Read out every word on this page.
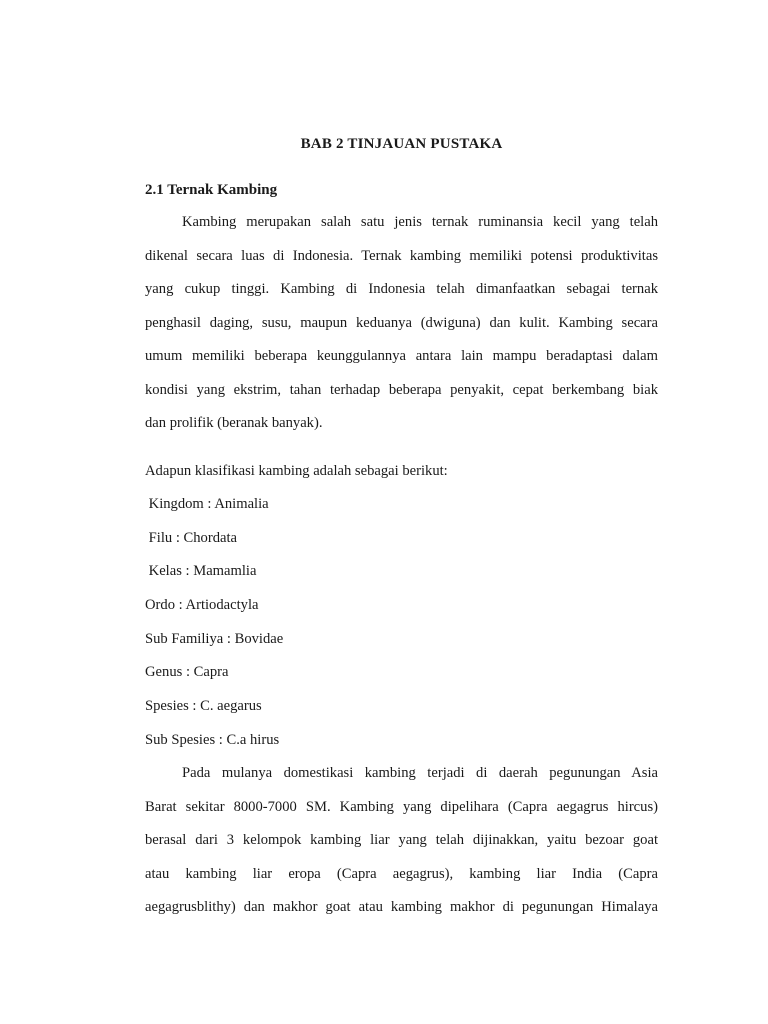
BAB 2 TINJAUAN PUSTAKA
2.1 Ternak Kambing
Kambing merupakan salah satu jenis ternak ruminansia kecil yang telah
dikenal secara luas di Indonesia. Ternak kambing memiliki potensi produktivitas
yang cukup tinggi. Kambing di Indonesia telah dimanfaatkan sebagai ternak
penghasil daging, susu, maupun keduanya (dwiguna) dan kulit. Kambing secara
umum memiliki beberapa keunggulannya antara lain mampu beradaptasi dalam
kondisi yang ekstrim, tahan terhadap beberapa penyakit, cepat berkembang biak
dan prolifik (beranak banyak).
Adapun klasifikasi kambing adalah sebagai berikut:
Kingdom : Animalia
Filu : Chordata
Kelas : Mamamlia
Ordo : Artiodactyla
Sub Familiya : Bovidae
Genus : Capra
Spesies : C. aegarus
Sub Spesies : C.a hirus
Pada mulanya domestikasi kambing terjadi di daerah pegunungan Asia
Barat sekitar 8000-7000 SM. Kambing yang dipelihara (Capra aegagrus hircus)
berasal dari 3 kelompok kambing liar yang telah dijinakkan, yaitu bezoar goat
atau kambing liar eropa (Capra aegagrus), kambing liar India (Capra
aegagrusblithy) dan makhor goat atau kambing makhor di pegunungan Himalaya
